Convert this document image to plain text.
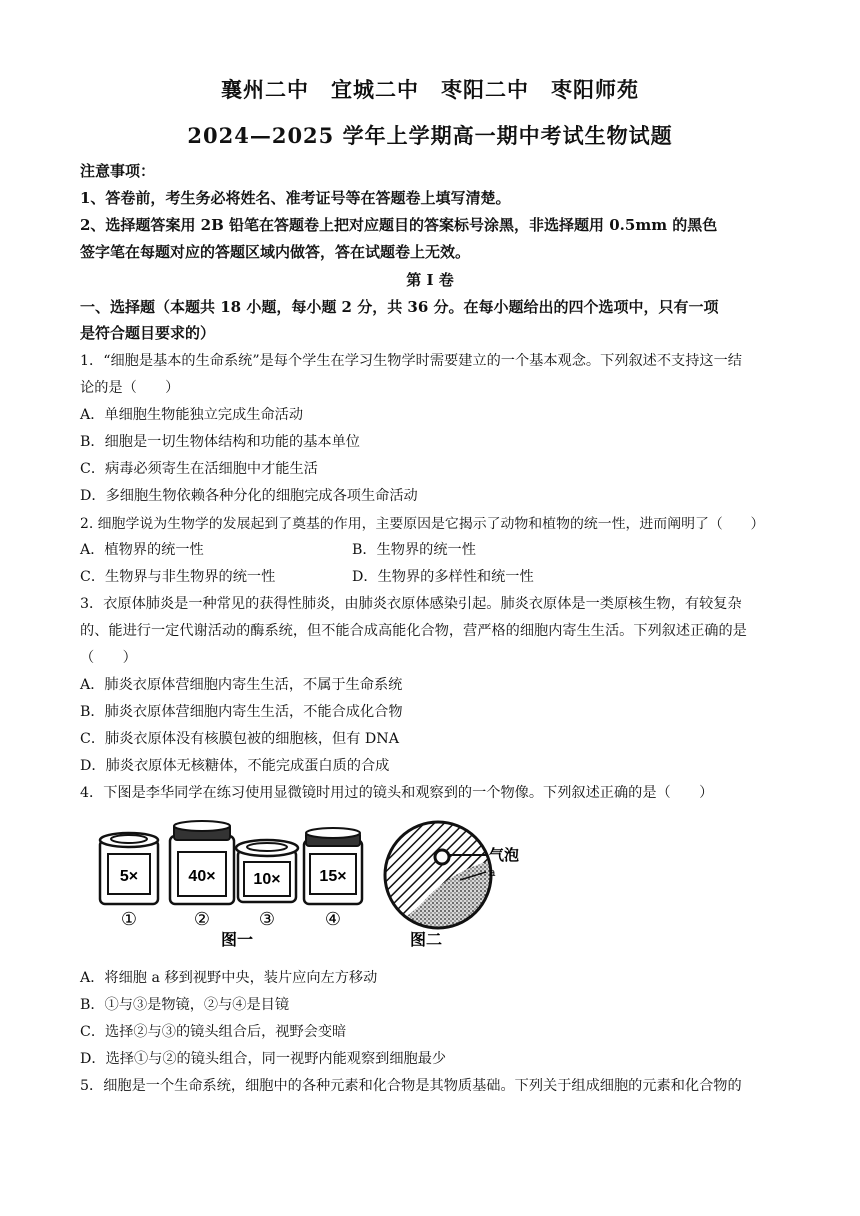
襄州二中　宜城二中　枣阳二中　枣阳师苑
2024—2025 学年上学期高一期中考试生物试题
注意事项：
1、答卷前，考生务必将姓名、准考证号等在答题卷上填写清楚。
2、选择题答案用 2B 铅笔在答题卷上把对应题目的答案标号涂黑，非选择题用 0.5mm 的黑色
签字笔在每题对应的答题区域内做答，答在试题卷上无效。
第 I 卷
一、选择题（本题共 18 小题，每小题 2 分，共 36 分。在每小题给出的四个选项中，只有一项
是符合题目要求的）
1．“细胞是基本的生命系统”是每个学生在学习生物学时需要建立的一个基本观念。下列叙述不支持这一结
论的是（　　）
A．单细胞生物能独立完成生命活动
B．细胞是一切生物体结构和功能的基本单位
C．病毒必须寄生在活细胞中才能生活
D．多细胞生物依赖各种分化的细胞完成各项生命活动
2. 细胞学说为生物学的发展起到了奠基的作用，主要原因是它揭示了动物和植物的统一性，进而阐明了（　　）
A．植物界的统一性	B．生物界的统一性
C．生物界与非生物界的统一性	D．生物界的多样性和统一性
3．衣原体肺炎是一种常见的获得性肺炎，由肺炎衣原体感染引起。肺炎衣原体是一类原核生物，有较复杂
的、能进行一定代谢活动的酶系统，但不能合成高能化合物，营严格的细胞内寄生生活。下列叙述正确的是
（　　）
A．肺炎衣原体营细胞内寄生生活，不属于生命系统
B．肺炎衣原体营细胞内寄生生活，不能合成化合物
C．肺炎衣原体没有核膜包被的细胞核，但有 DNA
D．肺炎衣原体无核糖体，不能完成蛋白质的合成
4．下图是李华同学在练习使用显微镜时用过的镜头和观察到的一个物像。下列叙述正确的是（　　）
5×
①
40×
②
10×
③
15×
④
图一
气泡
a
图二
A．将细胞 a 移到视野中央，装片应向左方移动
B．①与③是物镜，②与④是目镜
C．选择②与③的镜头组合后，视野会变暗
D．选择①与②的镜头组合，同一视野内能观察到细胞最少
5．细胞是一个生命系统，细胞中的各种元素和化合物是其物质基础。下列关于组成细胞的元素和化合物的
